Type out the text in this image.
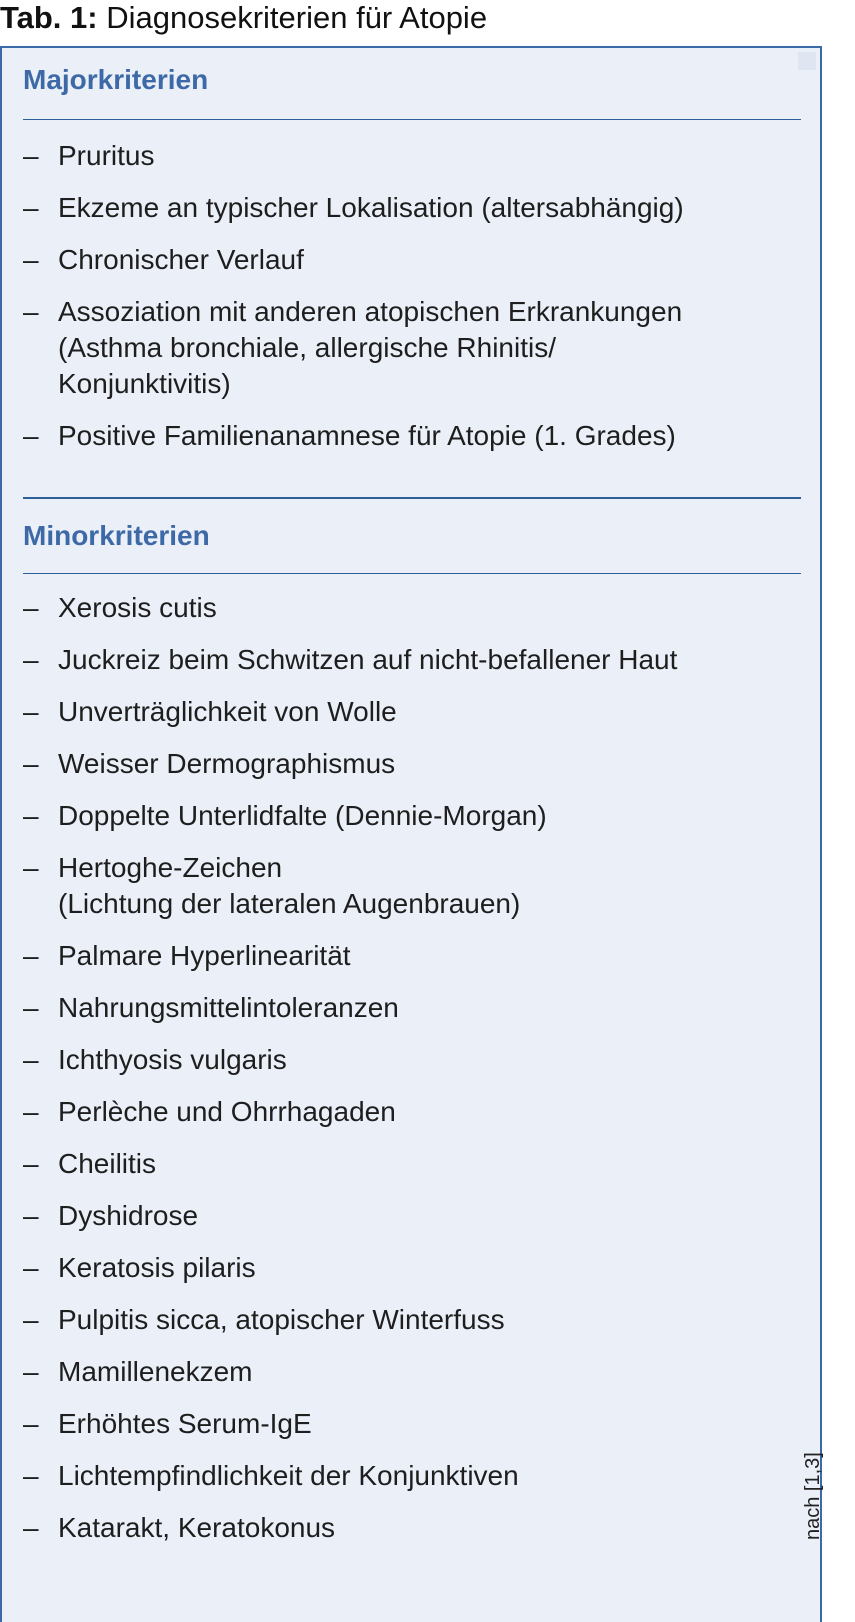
Tab. 1: Diagnosekriterien für Atopie
Majorkriterien
– Pruritus
– Ekzeme an typischer Lokalisation (altersabhängig)
– Chronischer Verlauf
– Assoziation mit anderen atopischen Erkrankungen
(Asthma bronchiale, allergische Rhinitis/
Konjunktivitis)
– Positive Familienanamnese für Atopie (1. Grades)
Minorkriterien
– Xerosis cutis
– Juckreiz beim Schwitzen auf nicht-befallener Haut
– Unverträglichkeit von Wolle
– Weisser Dermographismus
– Doppelte Unterlidfalte (Dennie-Morgan)
– Hertoghe-Zeichen
(Lichtung der lateralen Augenbrauen)
– Palmare Hyperlinearität
– Nahrungsmittelintoleranzen
– Ichthyosis vulgaris
– Perlèche und Ohrrhagaden
– Cheilitis
– Dyshidrose
– Keratosis pilaris
– Pulpitis sicca, atopischer Winterfuss
– Mamillenekzem
– Erhöhtes Serum-IgE
– Lichtempfindlichkeit der Konjunktiven
– Katarakt, Keratokonus	nach [1,3]
